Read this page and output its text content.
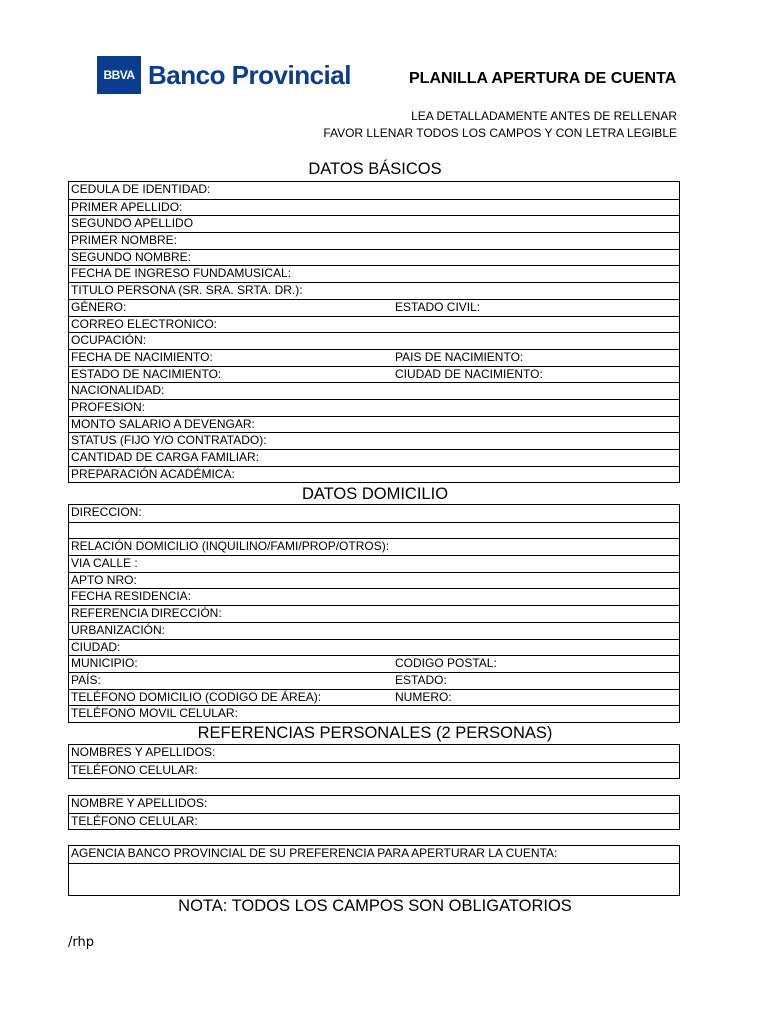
BBVA Banco Provincial	PLANILLA APERTURA DE CUENTA
LEA DETALLADAMENTE ANTES DE RELLENAR
FAVOR LLENAR TODOS LOS CAMPOS Y CON LETRA LEGIBLE
DATOS BÁSICOS
CEDULA DE IDENTIDAD:
PRIMER APELLIDO:
SEGUNDO APELLIDO
PRIMER NOMBRE:
SEGUNDO NOMBRE:
FECHA DE INGRESO FUNDAMUSICAL:
TITULO PERSONA (SR. SRA. SRTA. DR.):
GÉNERO:	ESTADO CIVIL:
CORREO ELECTRONICO:
OCUPACIÓN:
FECHA DE NACIMIENTO:	PAIS DE NACIMIENTO:
ESTADO DE NACIMIENTO:	CIUDAD DE NACIMIENTO:
NACIONALIDAD:
PROFESION:
MONTO SALARIO A DEVENGAR:
STATUS (FIJO Y/O CONTRATADO):
CANTIDAD DE CARGA FAMILIAR:
PREPARACIÓN ACADÉMICA:
DATOS DOMICILIO
DIRECCION:
RELACIÓN DOMICILIO (INQUILINO/FAMI/PROP/OTROS):
VIA CALLE :
APTO NRO:
FECHA RESIDENCIA:
REFERENCIA DIRECCIÓN:
URBANIZACIÓN:
CIUDAD:
MUNICIPIO:	CODIGO POSTAL:
PAÍS:	ESTADO:
TELÉFONO DOMICILIO (CODIGO DE ÁREA):	NUMERO:
TELÉFONO MOVIL CELULAR:
REFERENCIAS PERSONALES (2 PERSONAS)
NOMBRES Y APELLIDOS:
TELÉFONO CELULAR:
NOMBRE Y APELLIDOS:
TELÉFONO CELULAR:
AGENCIA BANCO PROVINCIAL DE SU PREFERENCIA PARA APERTURAR LA CUENTA:
NOTA: TODOS LOS CAMPOS SON OBLIGATORIOS
/rhp
